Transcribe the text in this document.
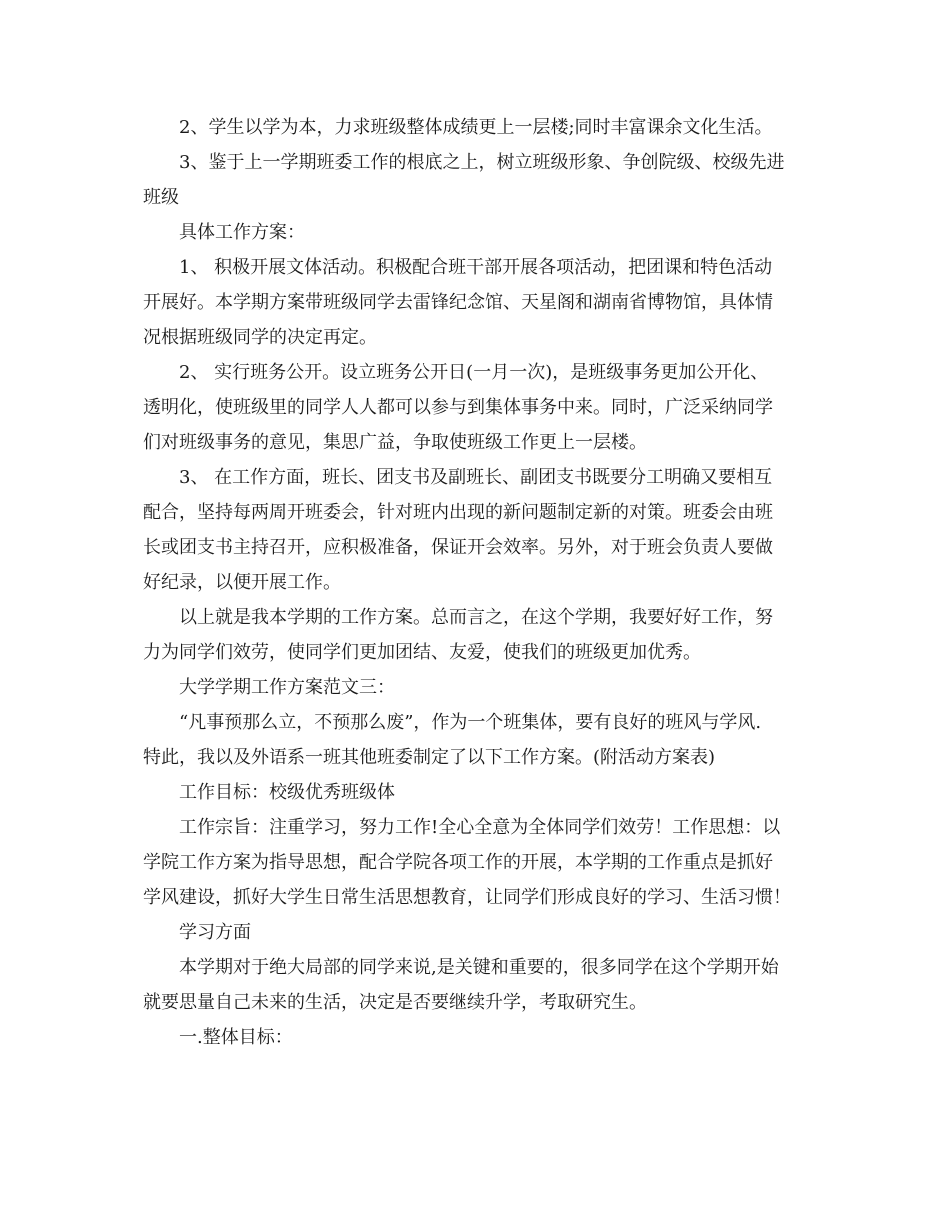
2、学生以学为本，力求班级整体成绩更上一层楼;同时丰富课余文化生活。

3、鉴于上一学期班委工作的根底之上，树立班级形象、争创院级、校级先进

班级

具体工作方案：

1、 积极开展文体活动。积极配合班干部开展各项活动，把团课和特色活动

开展好。本学期方案带班级同学去雷锋纪念馆、天星阁和湖南省博物馆，具体情

况根据班级同学的决定再定。

2、 实行班务公开。设立班务公开日(一月一次)，是班级事务更加公开化、

透明化，使班级里的同学人人都可以参与到集体事务中来。同时，广泛采纳同学

们对班级事务的意见，集思广益，争取使班级工作更上一层楼。

3、 在工作方面，班长、团支书及副班长、副团支书既要分工明确又要相互

配合，坚持每两周开班委会，针对班内出现的新问题制定新的对策。班委会由班

长或团支书主持召开，应积极准备，保证开会效率。另外，对于班会负责人要做

好纪录，以便开展工作。

以上就是我本学期的工作方案。总而言之，在这个学期，我要好好工作，努

力为同学们效劳，使同学们更加团结、友爱，使我们的班级更加优秀。

大学学期工作方案范文三：

“凡事预那么立，不预那么废”，作为一个班集体，要有良好的班风与学风.

特此，我以及外语系一班其他班委制定了以下工作方案。(附活动方案表)

工作目标：校级优秀班级体

工作宗旨：注重学习，努力工作!全心全意为全体同学们效劳！工作思想：以

学院工作方案为指导思想，配合学院各项工作的开展，本学期的工作重点是抓好

学风建设，抓好大学生日常生活思想教育，让同学们形成良好的学习、生活习惯！

学习方面

本学期对于绝大局部的同学来说,是关键和重要的，很多同学在这个学期开始

就要思量自己未来的生活，决定是否要继续升学，考取研究生。

一.整体目标：
